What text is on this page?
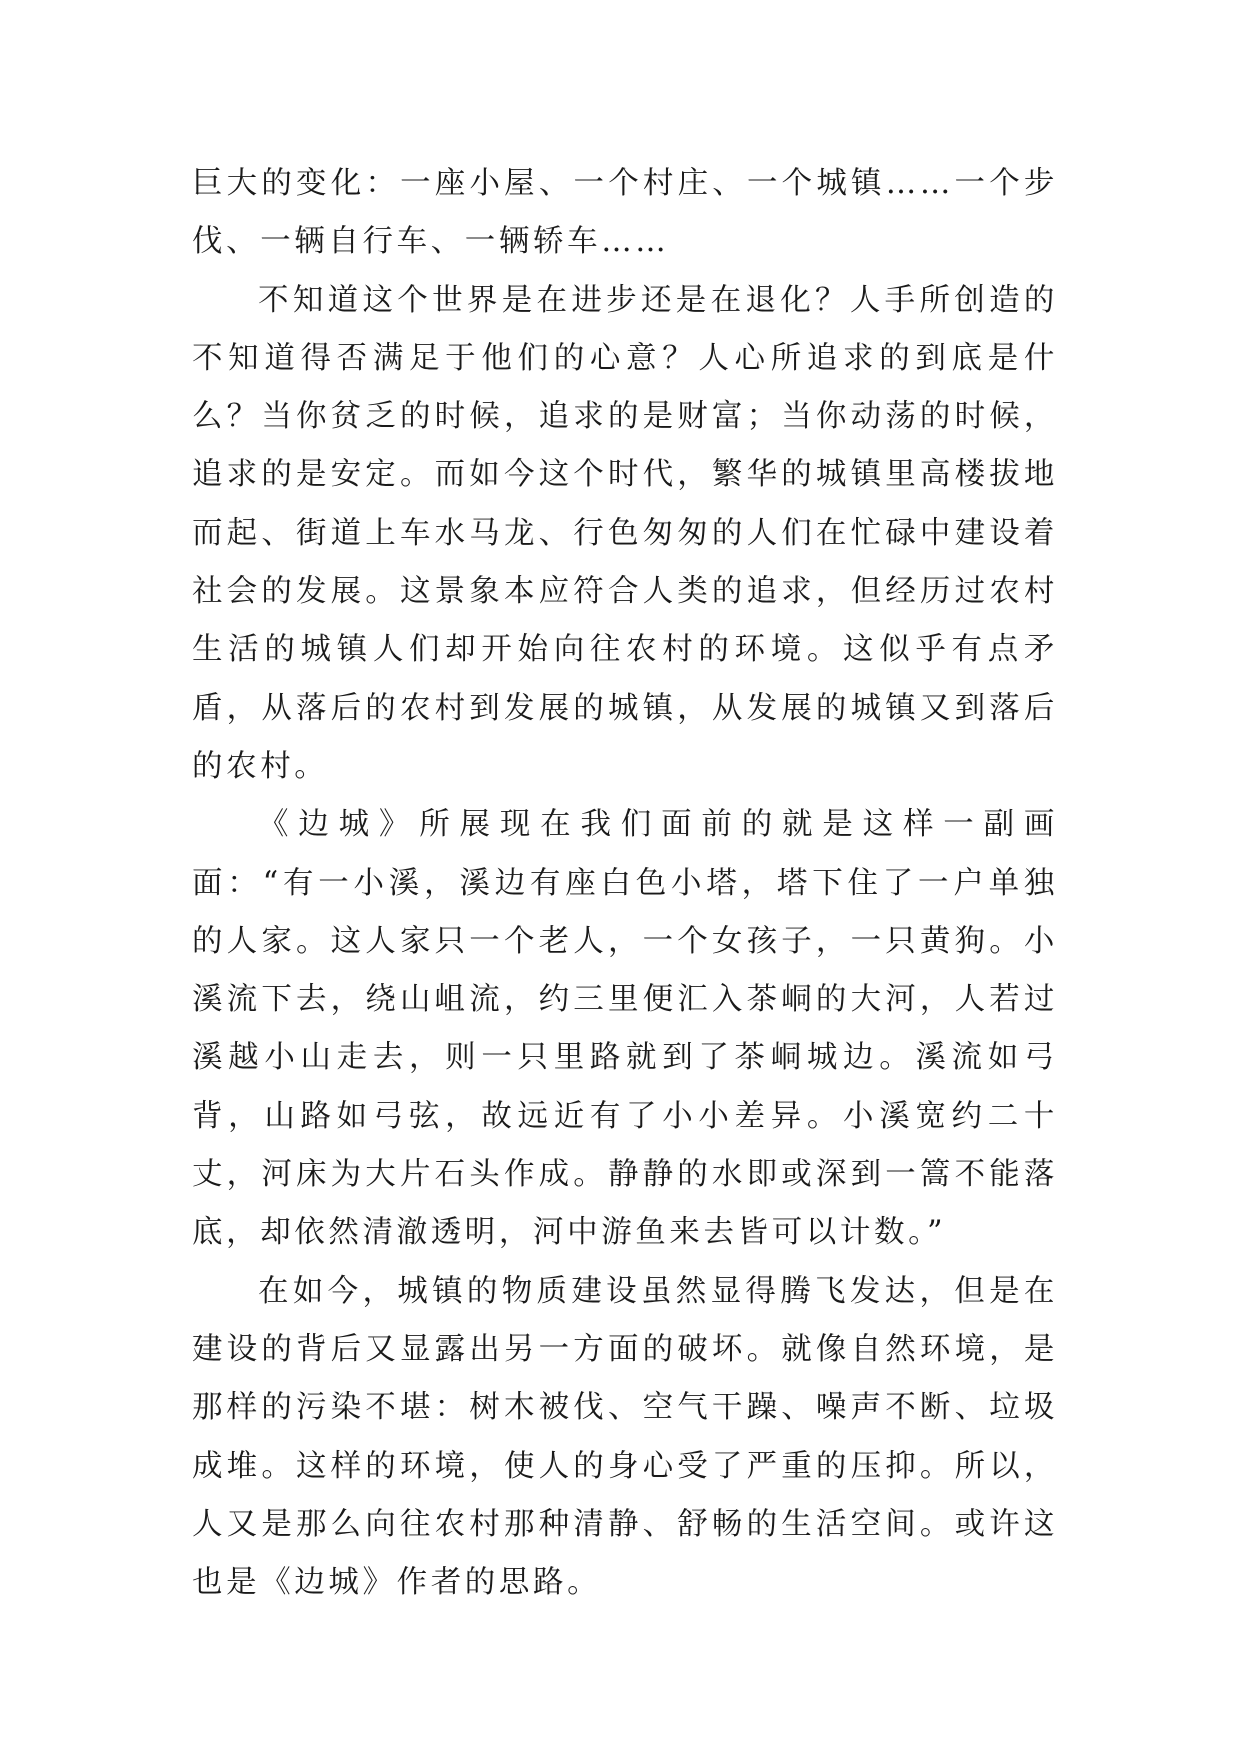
巨大的变化：一座小屋、一个村庄、一个城镇……一个步伐、一辆自行车、一辆轿车……

不知道这个世界是在进步还是在退化？人手所创造的不知道得否满足于他们的心意？人心所追求的到底是什么？当你贫乏的时候，追求的是财富；当你动荡的时候，追求的是安定。而如今这个时代，繁华的城镇里高楼拔地而起、街道上车水马龙、行色匆匆的人们在忙碌中建设着社会的发展。这景象本应符合人类的追求，但经历过农村生活的城镇人们却开始向往农村的环境。这似乎有点矛盾，从落后的农村到发展的城镇，从发展的城镇又到落后的农村。

《边城》所展现在我们面前的就是这样一副画面：“有一小溪，溪边有座白色小塔，塔下住了一户单独的人家。这人家只一个老人，一个女孩子，一只黄狗。小溪流下去，绕山岨流，约三里便汇入茶峒的大河，人若过溪越小山走去，则一只里路就到了茶峒城边。溪流如弓背，山路如弓弦，故远近有了小小差异。小溪宽约二十丈，河床为大片石头作成。静静的水即或深到一篙不能落底，却依然清澈透明，河中游鱼来去皆可以计数。”

在如今，城镇的物质建设虽然显得腾飞发达，但是在建设的背后又显露出另一方面的破坏。就像自然环境，是那样的污染不堪：树木被伐、空气干躁、噪声不断、垃圾成堆。这样的环境，使人的身心受了严重的压抑。所以，人又是那么向往农村那种清静、舒畅的生活空间。或许这也是《边城》作者的思路。
